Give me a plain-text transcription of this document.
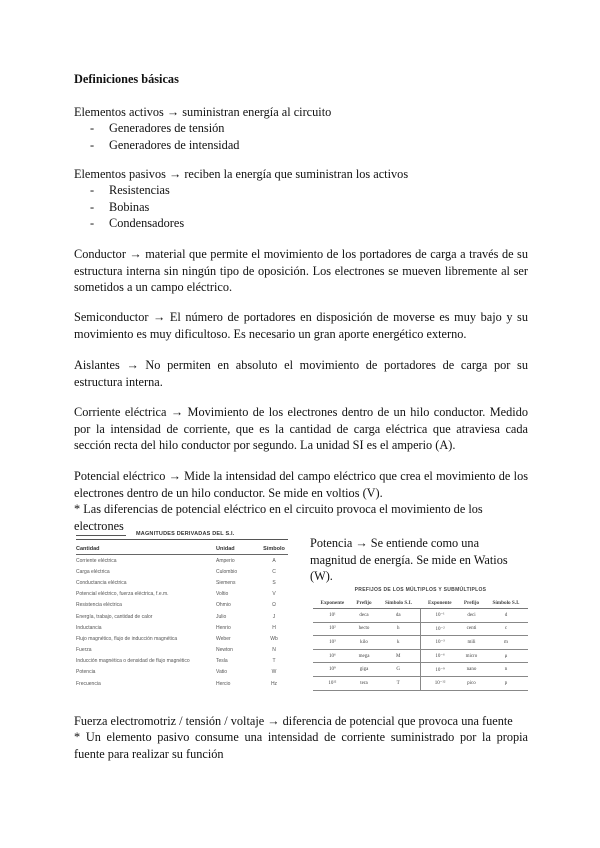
Definiciones básicas

Elementos activos → suministran energía al circuito

- Generadores de tensión
- Generadores de intensidad

Elementos pasivos → reciben la energía que suministran los activos

- Resistencias
- Bobinas
- Condensadores

Conductor → material que permite el movimiento de los portadores de carga a través de su estructura interna sin ningún tipo de oposición. Los electrones se mueven libremente al ser sometidos a un campo eléctrico.

Semiconductor → El número de portadores en disposición de moverse es muy bajo y su movimiento es muy dificultoso. Es necesario un gran aporte energético externo.

Aislantes → No permiten en absoluto el movimiento de portadores de carga por su estructura interna.

Corriente eléctrica → Movimiento de los electrones dentro de un hilo conductor. Medido por la intensidad de corriente, que es la cantidad de carga eléctrica que atraviesa cada sección recta del hilo conductor por segundo. La unidad SI es el amperio (A).

Potencial eléctrico → Mide la intensidad del campo eléctrico que crea el movimiento de los electrones dentro de un hilo conductor. Se mide en voltios (V).

* Las diferencias de potencial eléctrico en el circuito provoca el movimiento de los electrones

MAGNITUDES DERIVADAS DEL S.I.
Cantidad	Unidad	Símbolo
Corriente eléctrica	Amperio	A
Carga eléctrica	Culombio	C
Conductancia eléctrica	Siemens	S
Potencial eléctrico, fuerza eléctrica, f.e.m.	Voltio	V
Resistencia eléctrica	Ohmio	Ω
Energía, trabajo, cantidad de calor	Julio	J
Inductancia	Henrio	H
Flujo magnético, flujo de inducción magnética	Weber	Wb
Fuerza	Newton	N
Inducción magnética o densidad de flujo magnético	Tesla	T
Potencia	Vatio	W
Frecuencia	Hercio	Hz

Potencia → Se entiende como una magnitud de energía. Se mide en Watios (W).

PREFIJOS DE LOS MÚLTIPLOS Y SUBMÚLTIPLOS
Exponente	Prefijo	Símbolo S.I.	Exponente	Prefijo	Símbolo S.I.
10¹	deca	da	10⁻¹	deci	d
10²	hecto	h	10⁻²	centi	c
10³	kilo	k	10⁻³	mili	m
10⁶	mega	M	10⁻⁶	micro	μ
10⁹	giga	G	10⁻⁹	nano	n
10¹²	tera	T	10⁻¹²	pico	p

Fuerza electromotriz / tensión / voltaje → diferencia de potencial que provoca una fuente

* Un elemento pasivo consume una intensidad de corriente suministrado por la propia fuente para realizar su función
